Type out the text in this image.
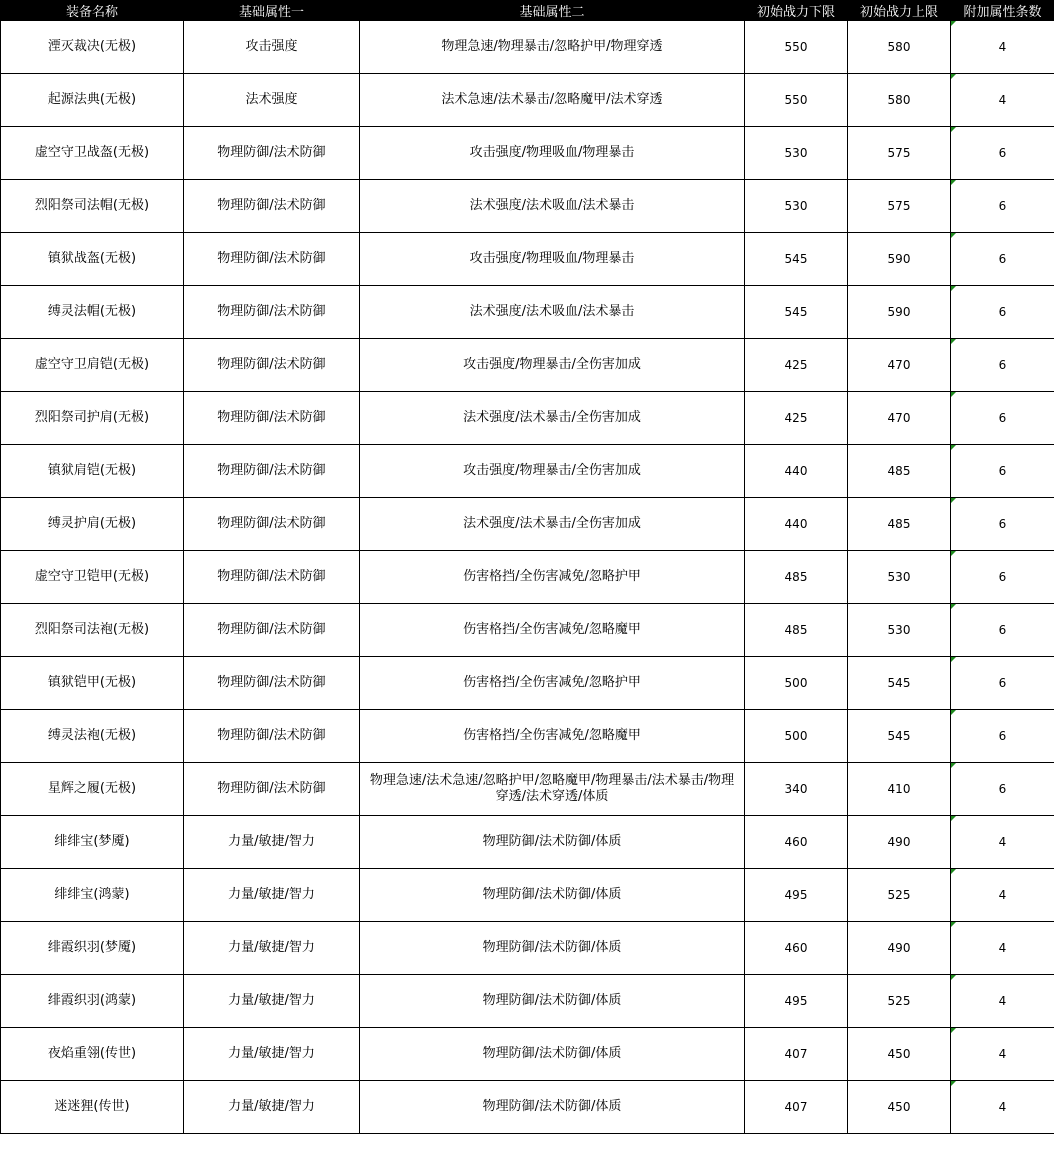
装备名称	基础属性一	基础属性二	初始战力下限	初始战力上限	附加属性条数
湮灭裁决(无极)	攻击强度	物理急速/物理暴击/忽略护甲/物理穿透	550	580	4
起源法典(无极)	法术强度	法术急速/法术暴击/忽略魔甲/法术穿透	550	580	4
虚空守卫战盔(无极)	物理防御/法术防御	攻击强度/物理吸血/物理暴击	530	575	6
烈阳祭司法帽(无极)	物理防御/法术防御	法术强度/法术吸血/法术暴击	530	575	6
镇狱战盔(无极)	物理防御/法术防御	攻击强度/物理吸血/物理暴击	545	590	6
缚灵法帽(无极)	物理防御/法术防御	法术强度/法术吸血/法术暴击	545	590	6
虚空守卫肩铠(无极)	物理防御/法术防御	攻击强度/物理暴击/全伤害加成	425	470	6
烈阳祭司护肩(无极)	物理防御/法术防御	法术强度/法术暴击/全伤害加成	425	470	6
镇狱肩铠(无极)	物理防御/法术防御	攻击强度/物理暴击/全伤害加成	440	485	6
缚灵护肩(无极)	物理防御/法术防御	法术强度/法术暴击/全伤害加成	440	485	6
虚空守卫铠甲(无极)	物理防御/法术防御	伤害格挡/全伤害减免/忽略护甲	485	530	6
烈阳祭司法袍(无极)	物理防御/法术防御	伤害格挡/全伤害减免/忽略魔甲	485	530	6
镇狱铠甲(无极)	物理防御/法术防御	伤害格挡/全伤害减免/忽略护甲	500	545	6
缚灵法袍(无极)	物理防御/法术防御	伤害格挡/全伤害减免/忽略魔甲	500	545	6
星辉之履(无极)	物理防御/法术防御	物理急速/法术急速/忽略护甲/忽略魔甲/物理暴击/法术暴击/物理穿透/法术穿透/体质	340	410	6
绯绯宝(梦魇)	力量/敏捷/智力	物理防御/法术防御/体质	460	490	4
绯绯宝(鸿蒙)	力量/敏捷/智力	物理防御/法术防御/体质	495	525	4
绯霞织羽(梦魇)	力量/敏捷/智力	物理防御/法术防御/体质	460	490	4
绯霞织羽(鸿蒙)	力量/敏捷/智力	物理防御/法术防御/体质	495	525	4
夜焰重翎(传世)	力量/敏捷/智力	物理防御/法术防御/体质	407	450	4
迷迷狸(传世)	力量/敏捷/智力	物理防御/法术防御/体质	407	450	4
